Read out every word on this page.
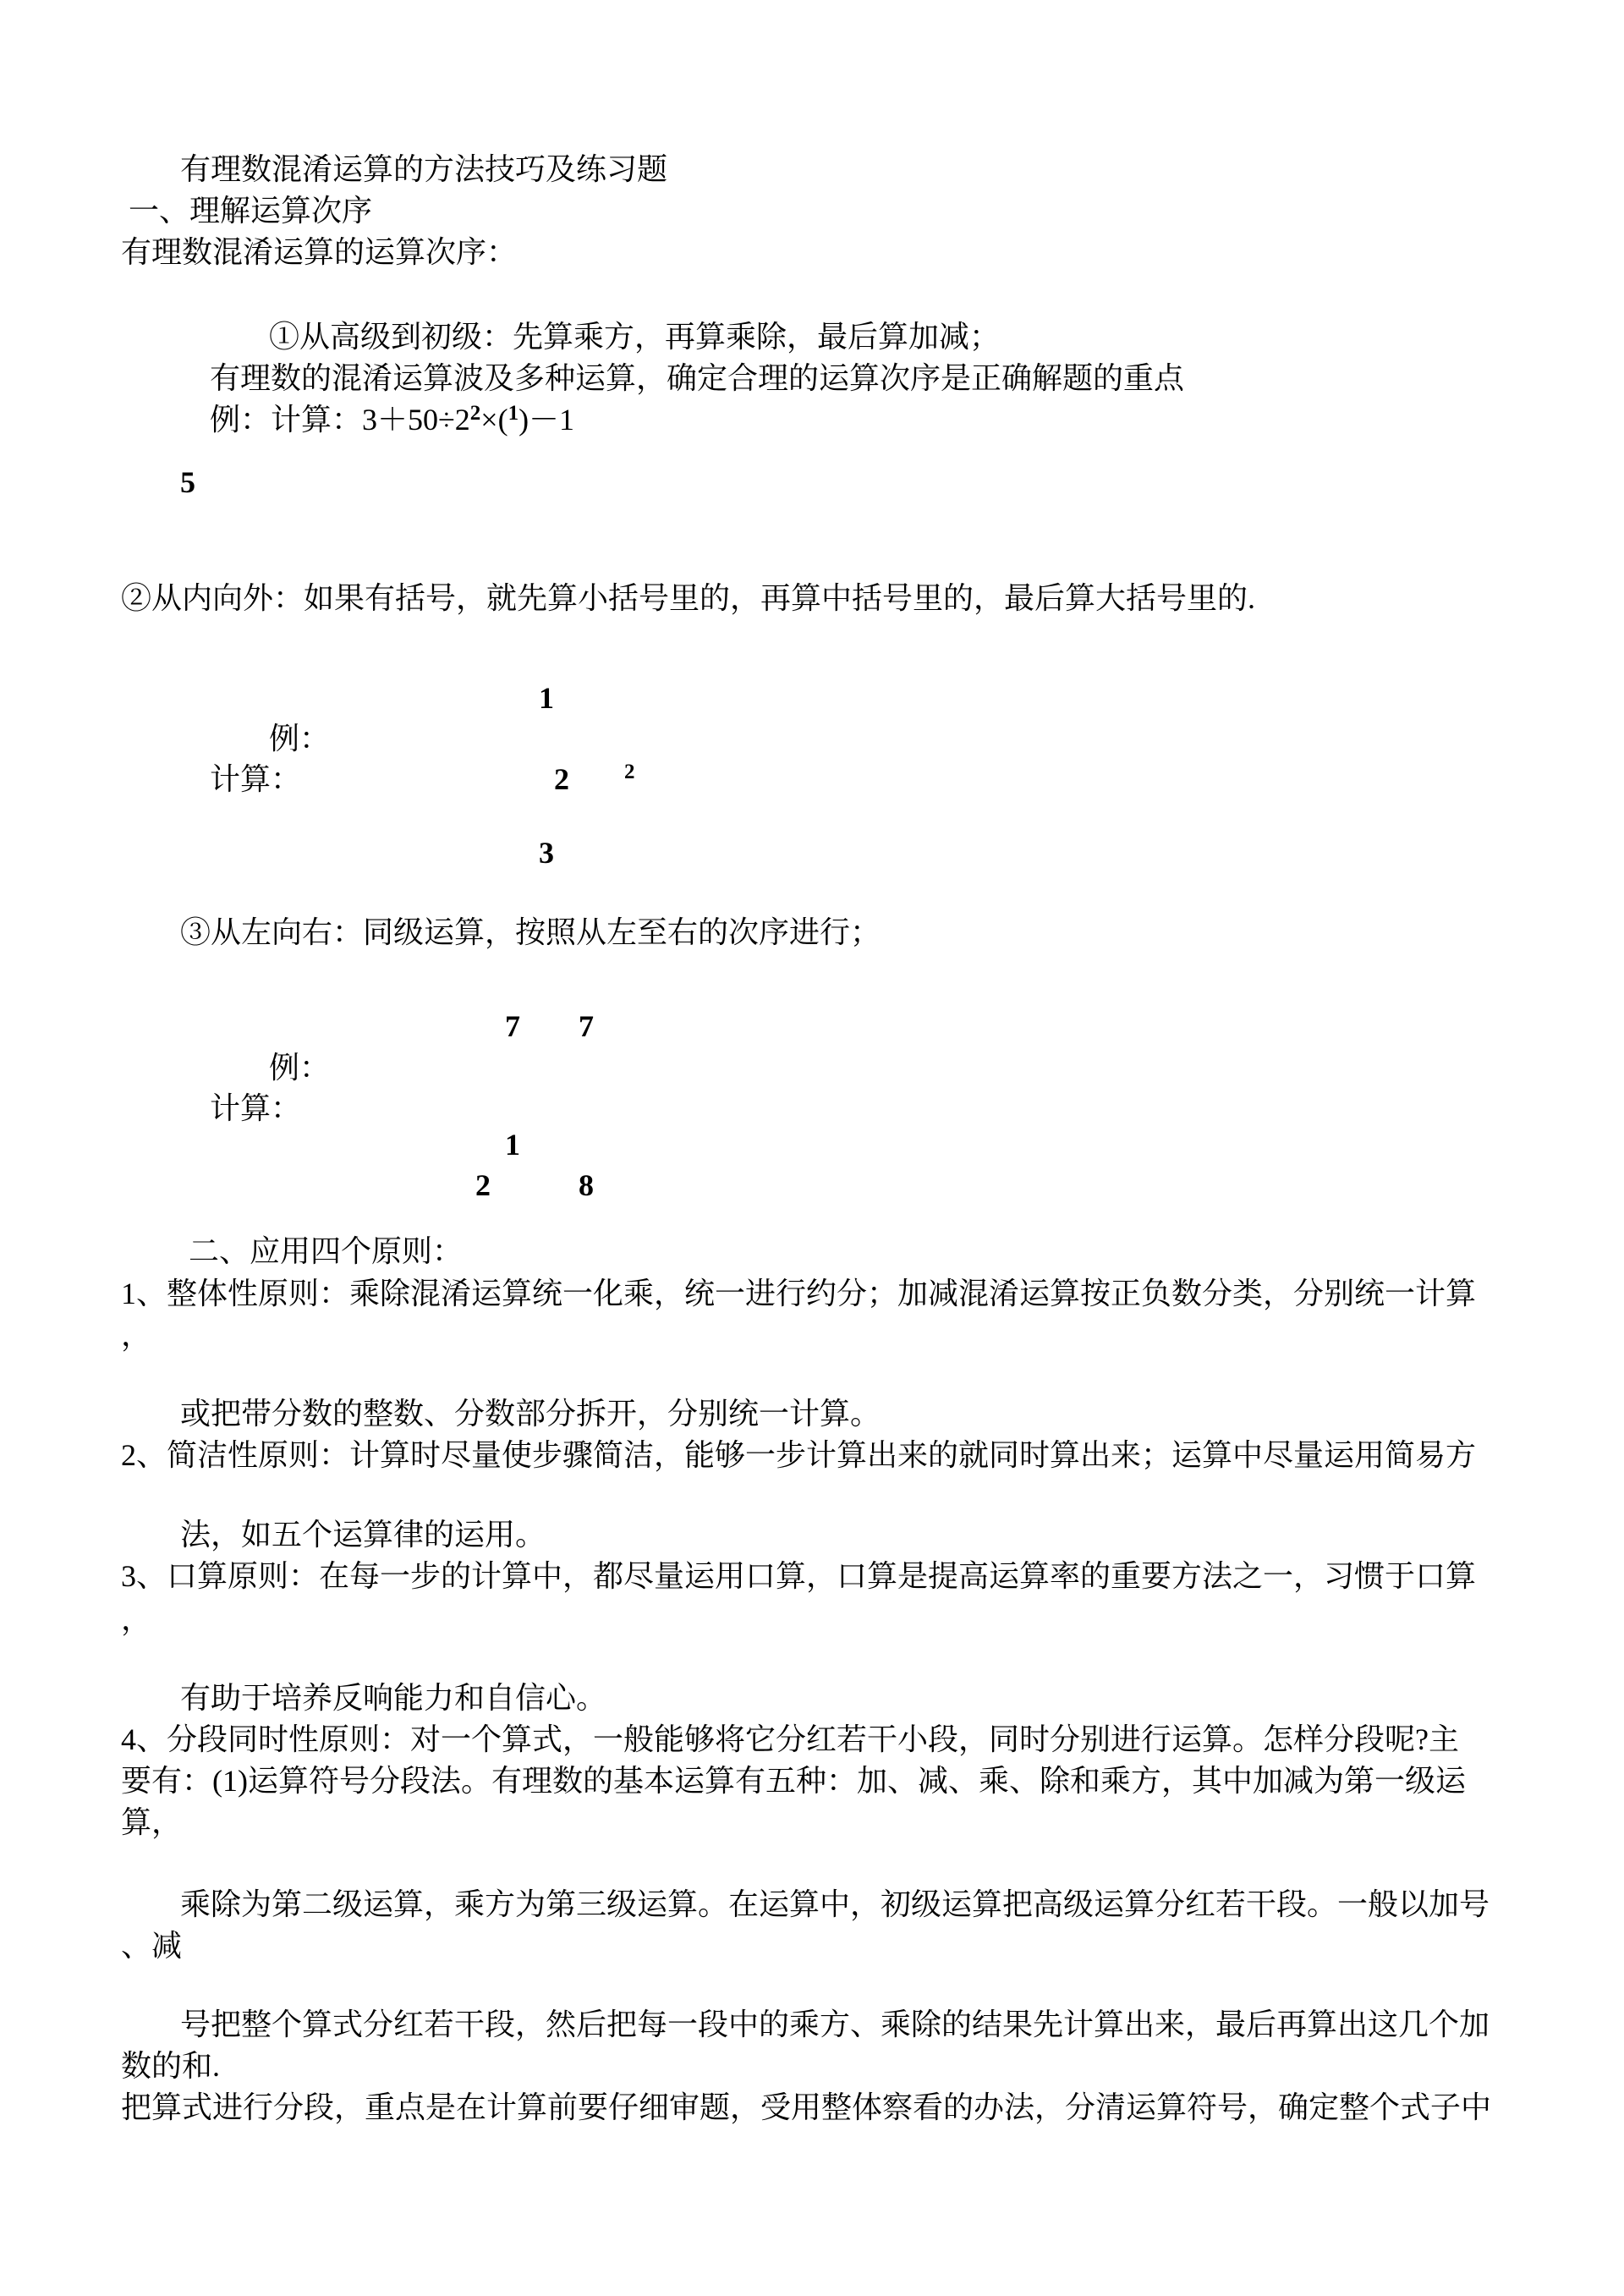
有理数混淆运算的方法技巧及练习题
一、理解运算次序
有理数混淆运算的运算次序：
①从高级到初级：先算乘方，再算乘除，最后算加减；
有理数的混淆运算波及多种运算，确定合理的运算次序是正确解题的重点
例：计算：$3+50\div 2^2\times(^1)-1$
5
②从内向外：如果有括号，就先算小括号里的，再算中括号里的，最后算大括号里的.
1
例：
计算：	2	2
3
③从左向右：同级运算，按照从左至右的次序进行；
7 7
例：
计算：
1
2	8
二、应用四个原则：
1、整体性原则：乘除混淆运算统一化乘，统一进行约分；加减混淆运算按正负数分类，分别统一计算
，
或把带分数的整数、分数部分拆开，分别统一计算。
2、简洁性原则：计算时尽量使步骤简洁，能够一步计算出来的就同时算出来；运算中尽量运用简易方
法，如五个运算律的运用。
3、口算原则：在每一步的计算中，都尽量运用口算，口算是提高运算率的重要方法之一，习惯于口算
，
有助于培养反响能力和自信心。
4、分段同时性原则：对一个算式，一般能够将它分红若干小段，同时分别进行运算。怎样分段呢?主
要有：(1)运算符号分段法。有理数的基本运算有五种：加、减、乘、除和乘方，其中加减为第一级运
算，
乘除为第二级运算，乘方为第三级运算。在运算中，初级运算把高级运算分红若干段。一般以加号
、减
号把整个算式分红若干段，然后把每一段中的乘方、乘除的结果先计算出来，最后再算出这几个加
数的和.
把算式进行分段，重点是在计算前要仔细审题，受用整体察看的办法，分清运算符号，确定整个式子中
